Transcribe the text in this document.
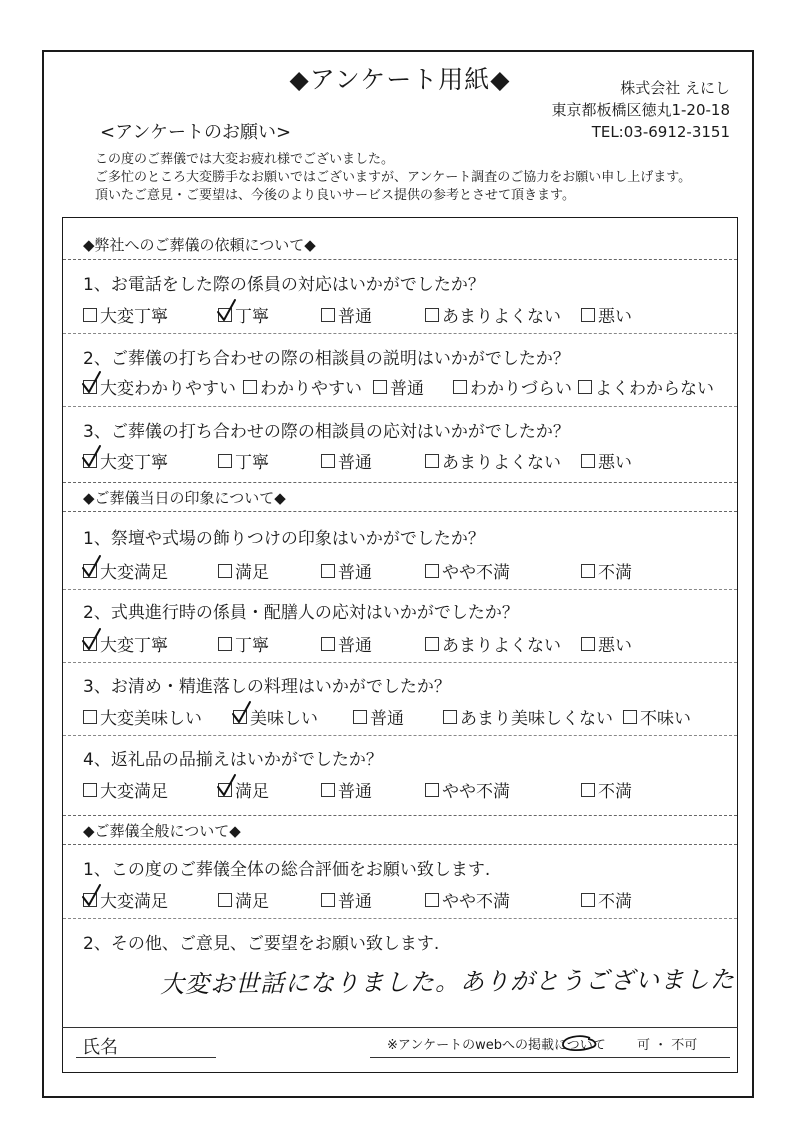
◆アンケート用紙◆	株式会社 えにし
東京都板橋区徳丸1-20-18
TEL:03-6912-3151
<アンケートのお願い>
この度のご葬儀では大変お疲れ様でございました。
ご多忙のところ大変勝手なお願いではございますが、アンケート調査のご協力をお願い申し上げます。
頂いたご意見・ご要望は、今後のより良いサービス提供の参考とさせて頂きます。
◆弊社へのご葬儀の依頼について◆
1、お電話をした際の係員の対応はいかがでしたか？
大変丁寧	丁寧	普通	あまりよくない 悪い
2、ご葬儀の打ち合わせの際の相談員の説明はいかがでしたか？
大変わかりやすい わかりやすい 普通	わかりづらい よくわからない
3、ご葬儀の打ち合わせの際の相談員の応対はいかがでしたか？
大変丁寧	丁寧	普通	あまりよくない 悪い
◆ご葬儀当日の印象について◆
1、祭壇や式場の飾りつけの印象はいかがでしたか？
大変満足	満足	普通	やや不満	不満
2、式典進行時の係員・配膳人の応対はいかがでしたか？
大変丁寧	丁寧	普通	あまりよくない 悪い
3、お清め・精進落しの料理はいかがでしたか？
大変美味しい	美味しい	普通	あまり美味しくない 不味い
4、返礼品の品揃えはいかがでしたか？
大変満足	満足	普通	やや不満	不満
◆ご葬儀全般について◆
1、この度のご葬儀全体の総合評価をお願い致します.
大変満足	満足	普通	やや不満	不満
2、その他、ご意見、ご要望をお願い致します.
大変お世話になりました。ありがとうございました
氏名	※アンケートのwebへの掲載について 可 ・ 不可
